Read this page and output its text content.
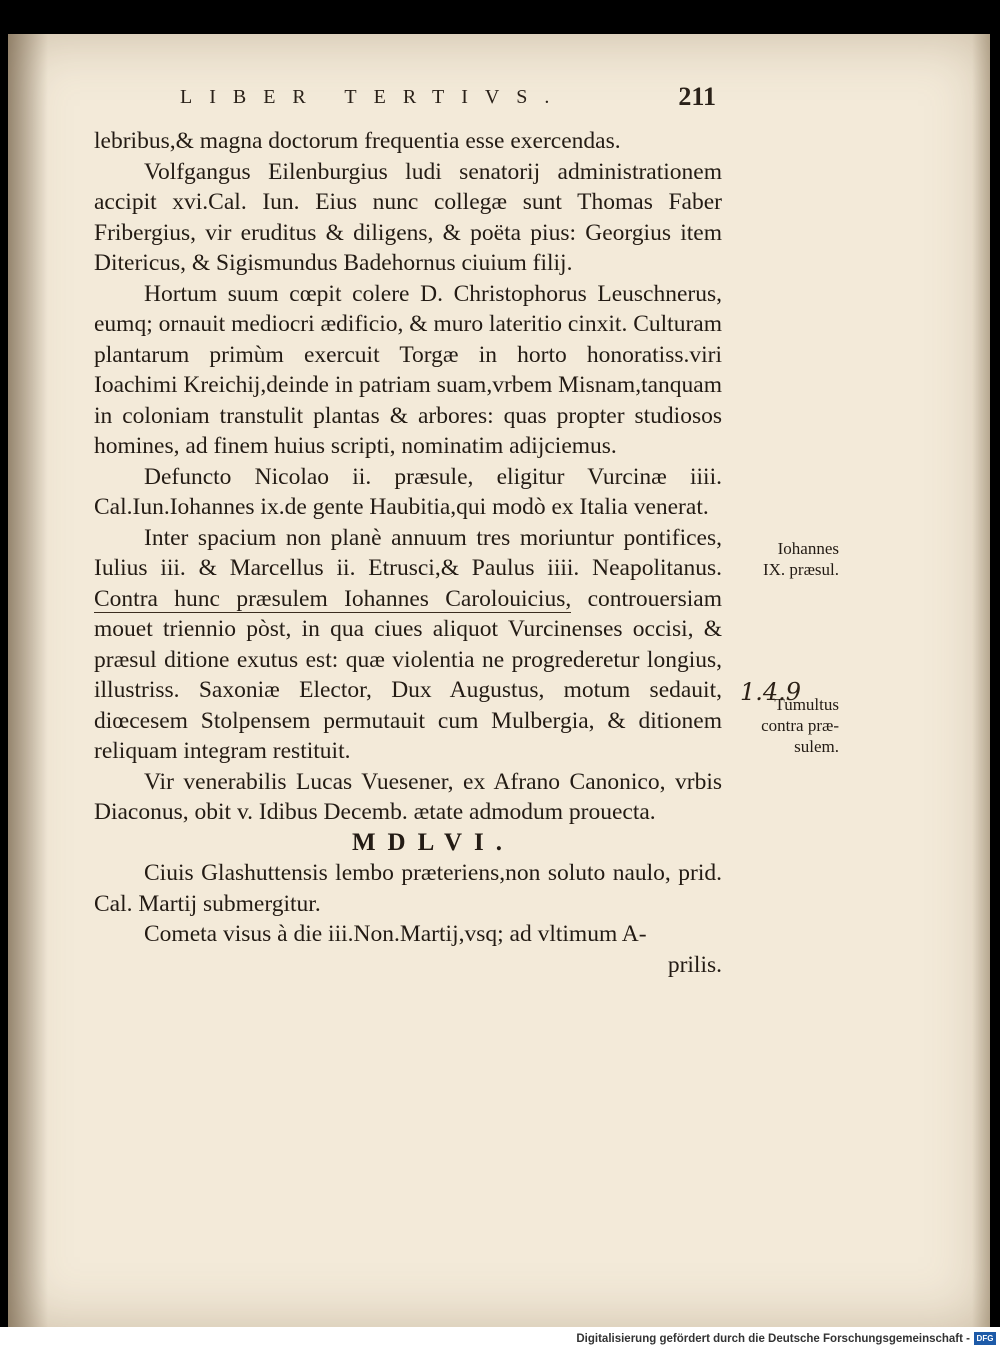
LIBER TERTIVS.	211

lebribus,& magna doctorum frequentia esse exercendas.

Volfgangus Eilenburgius ludi senatorij administrationem accipit xvi.Cal. Iun. Eius nunc collegæ sunt Thomas Faber Fribergius, vir eruditus & diligens, & poëta pius: Georgius item Ditericus, & Sigismundus Badehornus ciuium filij.

Hortum suum cœpit colere D. Christophorus Leuschnerus, eumq; ornauit mediocri ædificio, & muro lateritio cinxit. Culturam plantarum primùm exercuit Torgæ in horto honoratiss.viri Ioachimi Kreichij,deinde in patriam suam,vrbem Misnam,tanquam in coloniam transtulit plantas & arbores: quas propter studiosos homines, ad finem huius scripti, nominatim adijciemus.

Defuncto Nicolao ii. præsule, eligitur Vurcinæ iiii. Cal.Iun.Iohannes ix.de gente Haubitia,qui modò ex Italia venerat.

Inter spacium non planè annuum tres moriuntur pontifices, Iulius iii. & Marcellus ii. Etrusci,& Paulus iiii. Neapolitanus. Contra hunc præsulem Iohannes Carolouicius, controuersiam mouet triennio pòst, in qua ciues aliquot Vurcinenses occisi, & præsul ditione exutus est: quæ violentia ne progrederetur longius, illustriss. Saxoniæ Elector, Dux Augustus, motum sedauit, diœcesem Stolpensem permutauit cum Mulbergia, & ditionem reliquam integram restituit.

Vir venerabilis Lucas Vuesener, ex Afrano Canonico, vrbis Diaconus, obit v. Idibus Decemb. ætate admodum prouecta.

MDLVI.

Ciuis Glashuttensis lembo præteriens,non soluto naulo, prid. Cal. Martij submergitur.

Cometa visus à die iii.Non.Martij,vsq; ad vltimum A-

prilis.

Iohannes
IX. præsul.
1.4.9
Tumultus
contra præ-
sulem.
Digitalisierung gefördert durch die Deutsche Forschungsgemeinschaft - DFG
